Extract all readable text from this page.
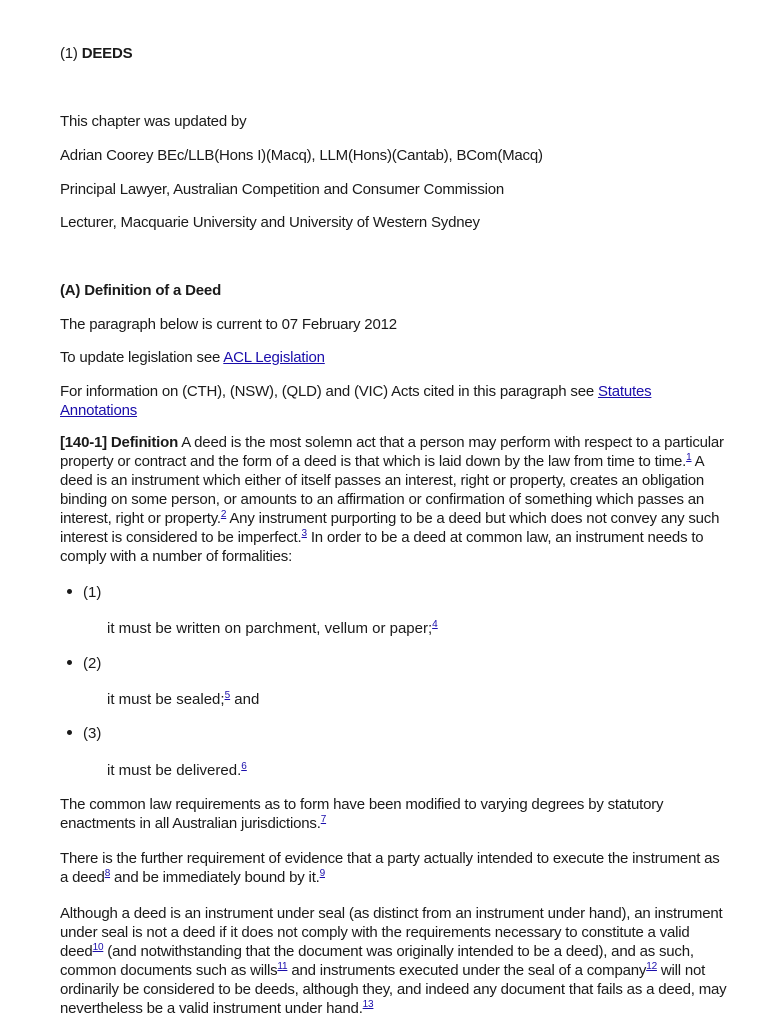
(1) DEEDS

This chapter was updated by

Adrian Coorey BEc/LLB(Hons I)(Macq), LLM(Hons)(Cantab), BCom(Macq)

Principal Lawyer, Australian Competition and Consumer Commission

Lecturer, Macquarie University and University of Western Sydney

(A) Definition of a Deed

The paragraph below is current to 07 February 2012

To update legislation see ACL Legislation

For information on (CTH), (NSW), (QLD) and (VIC) Acts cited in this paragraph see Statutes Annotations

[140-1] Definition A deed is the most solemn act that a person may perform with respect to a particular property or contract and the form of a deed is that which is laid down by the law from time to time.$^1$ A deed is an instrument which either of itself passes an interest, right or property, creates an obligation binding on some person, or amounts to an affirmation or confirmation of something which passes an interest, right or property.$^2$ Any instrument purporting to be a deed but which does not convey any such interest is considered to be imperfect.$^3$ In order to be a deed at common law, an instrument needs to comply with a number of formalities:

(1)

it must be written on parchment, vellum or paper;$^4$

(2)

it must be sealed;$^5$ and

(3)

it must be delivered.$^6$

The common law requirements as to form have been modified to varying degrees by statutory enactments in all Australian jurisdictions.$^7$

There is the further requirement of evidence that a party actually intended to execute the instrument as a deed$^8$ and be immediately bound by it.$^9$

Although a deed is an instrument under seal (as distinct from an instrument under hand), an instrument under seal is not a deed if it does not comply with the requirements necessary to constitute a valid deed$^{10}$ (and notwithstanding that the document was originally intended to be a deed), and as such, common documents such as wills$^{11}$ and instruments executed under the seal of a company$^{12}$ will not ordinarily be considered to be deeds, although they, and indeed any document that fails as a deed, may nevertheless be a valid instrument under hand.$^{13}$
